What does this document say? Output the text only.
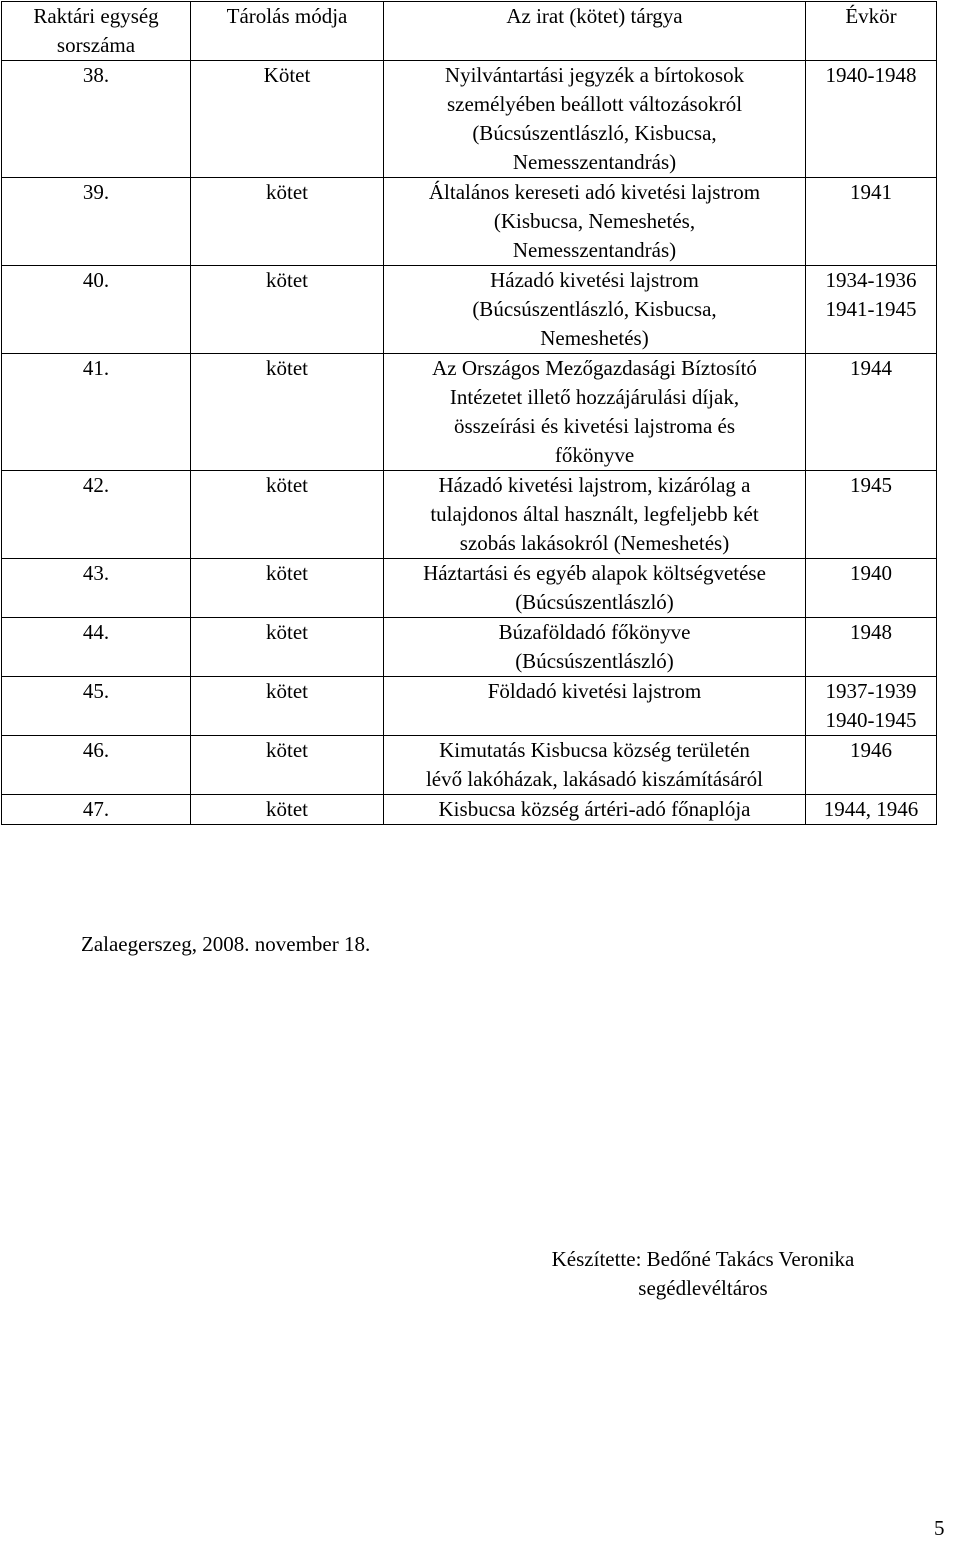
Raktári egység sorszáma	Tárolás módja	Az irat (kötet) tárgya	Évkör
38.	Kötet	Nyilvántartási jegyzék a bírtokosok
személyében beállott változásokról
(Búcsúszentlászló, Kisbucsa,
Nemesszentandrás)	1940-1948

39.	kötet	Általános kereseti adó kivetési lajstrom
(Kisbucsa, Nemeshetés,
Nemesszentandrás)	1941

40.	kötet	Házadó kivetési lajstrom
(Búcsúszentlászló, Kisbucsa,
Nemeshetés)	1934-1936
1941-1945

41.	kötet	Az Országos Mezőgazdasági Bíztosító
Intézetet illető hozzájárulási díjak,
összeírási és kivetési lajstroma és
főkönyve	1944

42.	kötet	Házadó kivetési lajstrom, kizárólag a
tulajdonos által használt, legfeljebb két
szobás lakásokról (Nemeshetés)	1945

43.	kötet	Háztartási és egyéb alapok költségvetése
(Búcsúszentlászló)	1940

44.	kötet	Búzaföldadó főkönyve
(Búcsúszentlászló)	1948

45.	kötet	Földadó kivetési lajstrom	1937-1939
1940-1945

46.	kötet	Kimutatás Kisbucsa község területén
lévő lakóházak, lakásadó kiszámításáról	1946

47.	kötet	Kisbucsa község ártéri-adó főnaplója	1944, 1946
Zalaegerszeg, 2008. november 18.
Készítette: Bedőné Takács Veronika
segédlevéltáros
5
